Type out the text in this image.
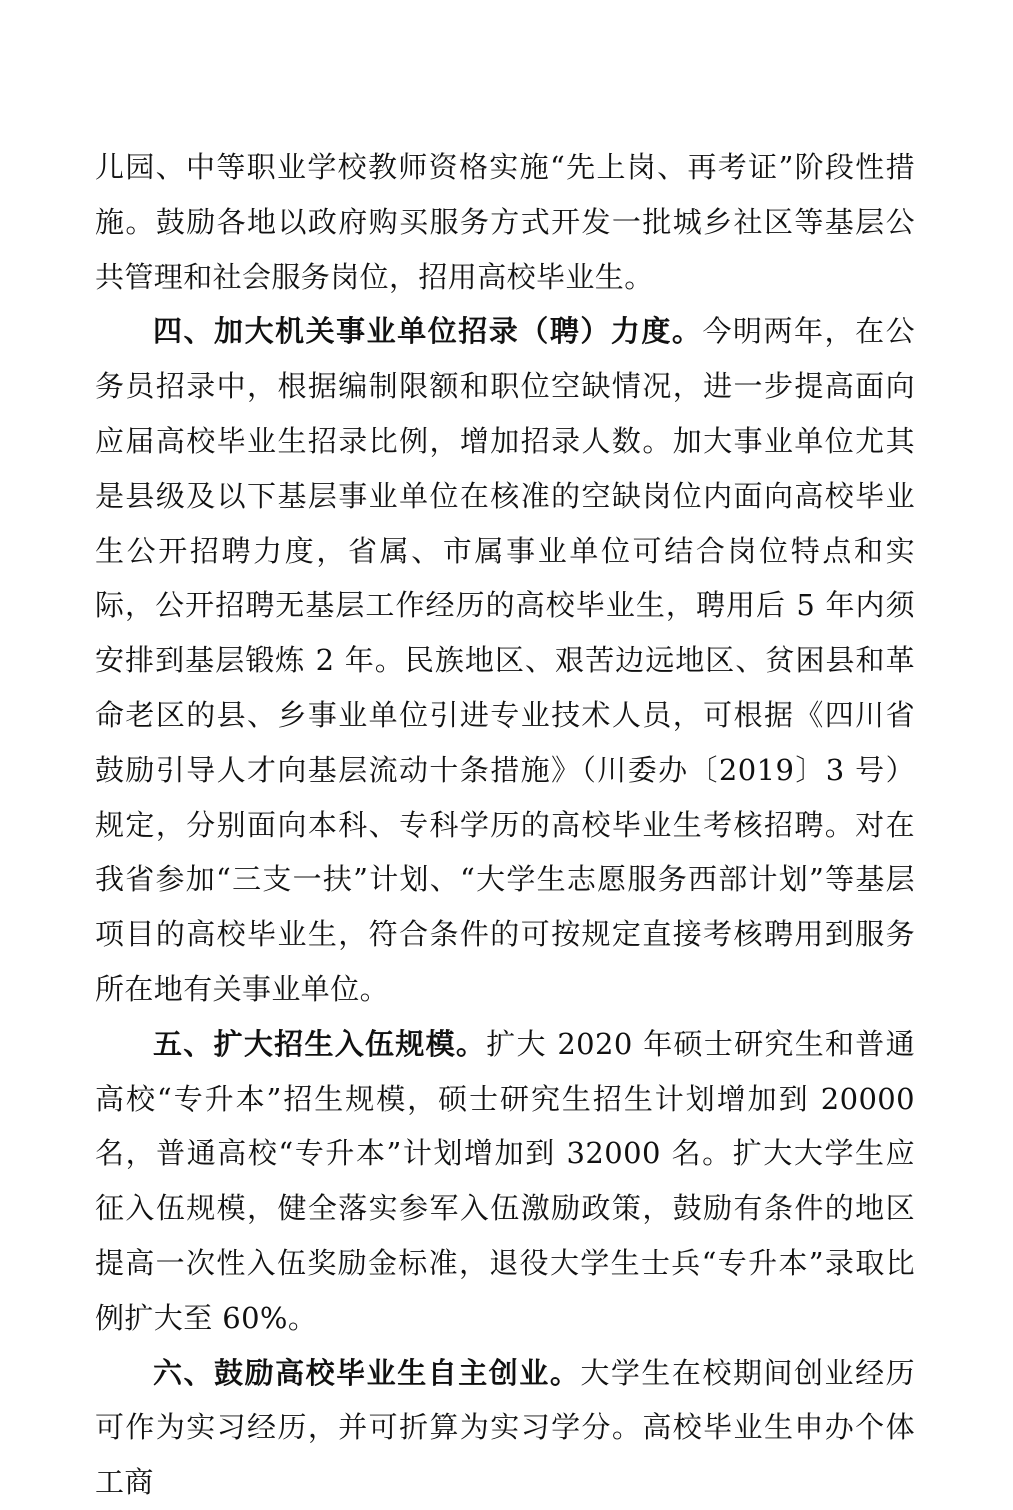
儿园、中等职业学校教师资格实施“先上岗、再考证”阶段性措施。鼓励各地以政府购买服务方式开发一批城乡社区等基层公共管理和社会服务岗位，招用高校毕业生。

四、加大机关事业单位招录（聘）力度。今明两年，在公务员招录中，根据编制限额和职位空缺情况，进一步提高面向应届高校毕业生招录比例，增加招录人数。加大事业单位尤其是县级及以下基层事业单位在核准的空缺岗位内面向高校毕业生公开招聘力度，省属、市属事业单位可结合岗位特点和实际，公开招聘无基层工作经历的高校毕业生，聘用后 5 年内须安排到基层锻炼 2 年。民族地区、艰苦边远地区、贫困县和革命老区的县、乡事业单位引进专业技术人员，可根据《四川省鼓励引导人才向基层流动十条措施》（川委办〔2019〕3 号）规定，分别面向本科、专科学历的高校毕业生考核招聘。对在我省参加“三支一扶”计划、“大学生志愿服务西部计划”等基层项目的高校毕业生，符合条件的可按规定直接考核聘用到服务所在地有关事业单位。

五、扩大招生入伍规模。扩大 2020 年硕士研究生和普通高校“专升本”招生规模，硕士研究生招生计划增加到 20000 名，普通高校“专升本”计划增加到 32000 名。扩大大学生应征入伍规模，健全落实参军入伍激励政策，鼓励有条件的地区提高一次性入伍奖励金标准，退役大学生士兵“专升本”录取比例扩大至 60%。

六、鼓励高校毕业生自主创业。大学生在校期间创业经历可作为实习经历，并可折算为实习学分。高校毕业生申办个体工商
